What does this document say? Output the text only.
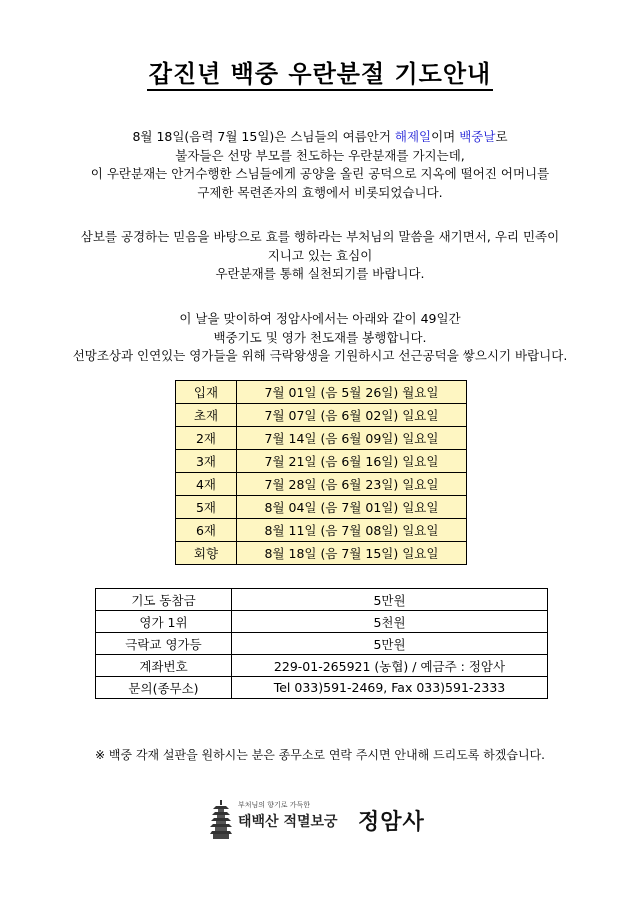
갑진년 백중 우란분절 기도안내
8월 18일(음력 7월 15일)은 스님들의 여름안거 해제일이며 백중날로
불자들은 선망 부모를 천도하는 우란분재를 가지는데,
이 우란분재는 안거수행한 스님들에게 공양을 올린 공덕으로 지옥에 떨어진 어머니를
구제한 목련존자의 효행에서 비롯되었습니다.
삼보를 공경하는 믿음을 바탕으로 효를 행하라는 부처님의 말씀을 새기면서, 우리 민족이
지니고 있는 효심이
우란분재를 통해 실천되기를 바랍니다.
이 날을 맞이하여 정암사에서는 아래와 같이 49일간
백중기도 및 영가 천도재를 봉행합니다.
선망조상과 인연있는 영가들을 위해 극락왕생을 기원하시고 선근공덕을 쌓으시기 바랍니다.
입재	7월 01일 (음 5월 26일) 월요일
초재	7월 07일 (음 6월 02일) 일요일
2재	7월 14일 (음 6월 09일) 일요일
3재	7월 21일 (음 6월 16일) 일요일
4재	7월 28일 (음 6월 23일) 일요일
5재	8월 04일 (음 7월 01일) 일요일
6재	8월 11일 (음 7월 08일) 일요일
회향	8월 18일 (음 7월 15일) 일요일
기도 동참금	5만원
영가 1위	5천원
극락교 영가등	5만원
계좌번호	229-01-265921 (농협) / 예금주 : 정암사
문의(종무소)	Tel 033)591-2469, Fax 033)591-2333
※ 백중 각재 설판을 원하시는 분은 종무소로 연락 주시면 안내해 드리도록 하겠습니다.
부처님의 향기로 가득한
태백산 적멸보궁 정암사
